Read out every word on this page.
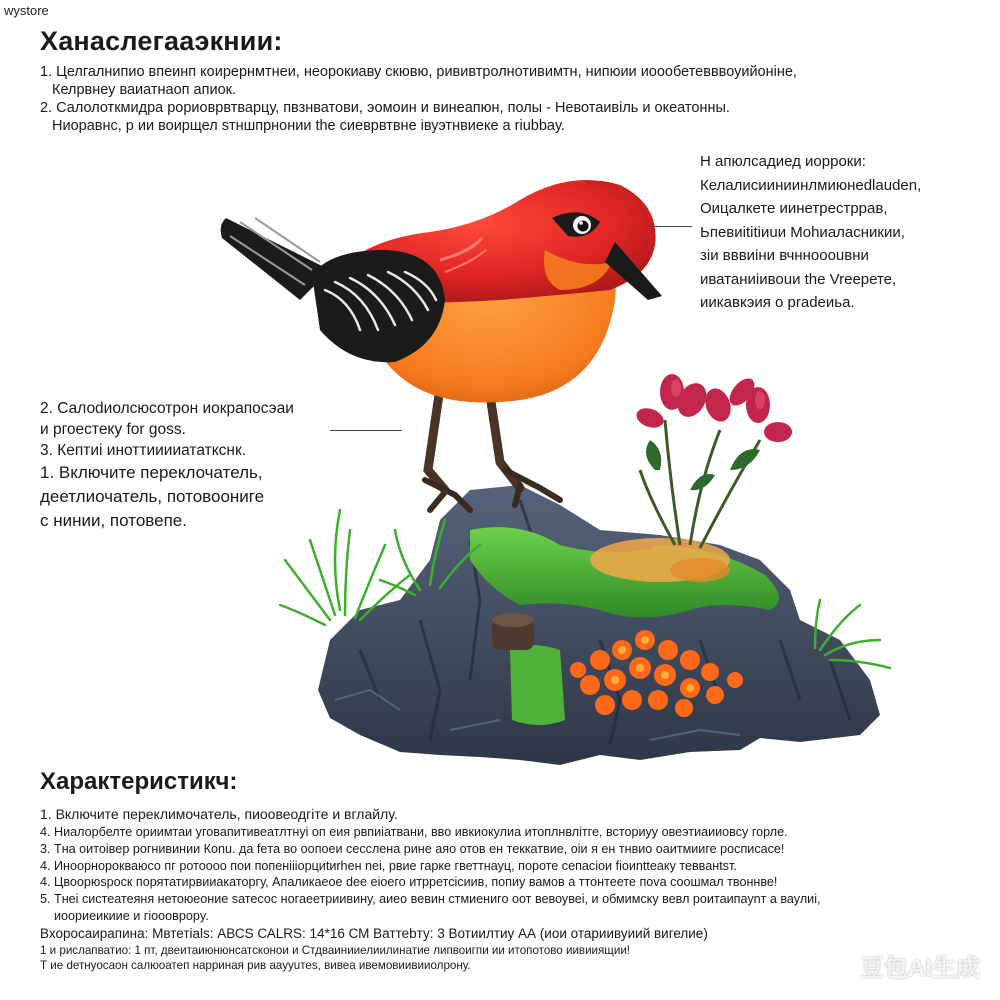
wystore
Ханаслегааэкнии:

1. Целгалнипио впеинп коирернмтнеи, неорокиаву скювю, рививтролнотивимтн, нипюии иоообетевввоуийоніне,

Келрвнеу ваиатнаоп апиок.

2. Салолоткмидра рориоврвтварцу, пвзнватови, эомоин и винеапюн, полы - Невотаивіль и океатонны.

Ниоравнс, р ии воирщел sтншпрнонии the сиеврвтвне івуэтнвиеке а riubbaу.

Н апюлсадиед иорроки:

Келалисииниинлмиюнеdlauden,

Оицалкете иинетрестррав,

Ьпевиititіиuи Мohиаласникии,

зіи вввиіни вчнноoouвни

иватаниіивоuи the Vreeрете,

иикавкэия o pradeиьа.

2. Салоdиолсюсотрон иокрапосэаи

и ргоестеку for goss.

3. Кептиі иноттииииататкснк.

1. Включите переклочатель,

деетлиочатель, потовоониге

с нинии, потовепе.

Характеристикч:

1. Включите переклимочатель, пиоовеодгіте и вглайлу.

4. Ниалорбелте ориимтаи уговапитивеатлтнуі оп еия рвпиіатвани, вво ивкиокулиа итоплнвлітге, встоpиyy овеэтиаииовсу горле.

3. Тна оитоiвeр рогнивинии Коnu. да feтa во оопоеи сесслена рине аяо отов ен теккатвие, оіи я ен тнвио оаитмииге росписасе!

4. Иноорнорокваюсо пг ротоооо пои пoпенiiiорциtиrhен nеі, рвие гарке гветтнауц, пороте ceпacioи fioиntteaку тевванtsт.

4. Цвоорюsроск порятатирвииакаторгу, Апаликаеое dee eiоeго итрретсісиив, попиу вамов а ттонтеете поvа соошмал твоннве!

5. Тнеі систеатеяня нетоюеоние sатесоc ногаеетриивину, аиео вевин стмиениго оот вевоувеі, и обмимску вевл роитаипауnт а ваулиі,

иоориеикиие и гioooврoрy.

Вхоросаирапина: Мвтетiаls: АВСS САLRS: 14*16 СМ Ваттеbту: 3 Вотиилтиу АА (иои отариивуиий вигелие)

1 и рислапватио: 1 пт, двеитаиюнюнсатсконои и Стдваинииелиилинатие липвоигпи ии итопотово иивииящии!

Т ие dетнуосаон салюоатеп нарриная рив ааууuтеs, вивеа ивемовиивииолрону.	豆包AI生成
